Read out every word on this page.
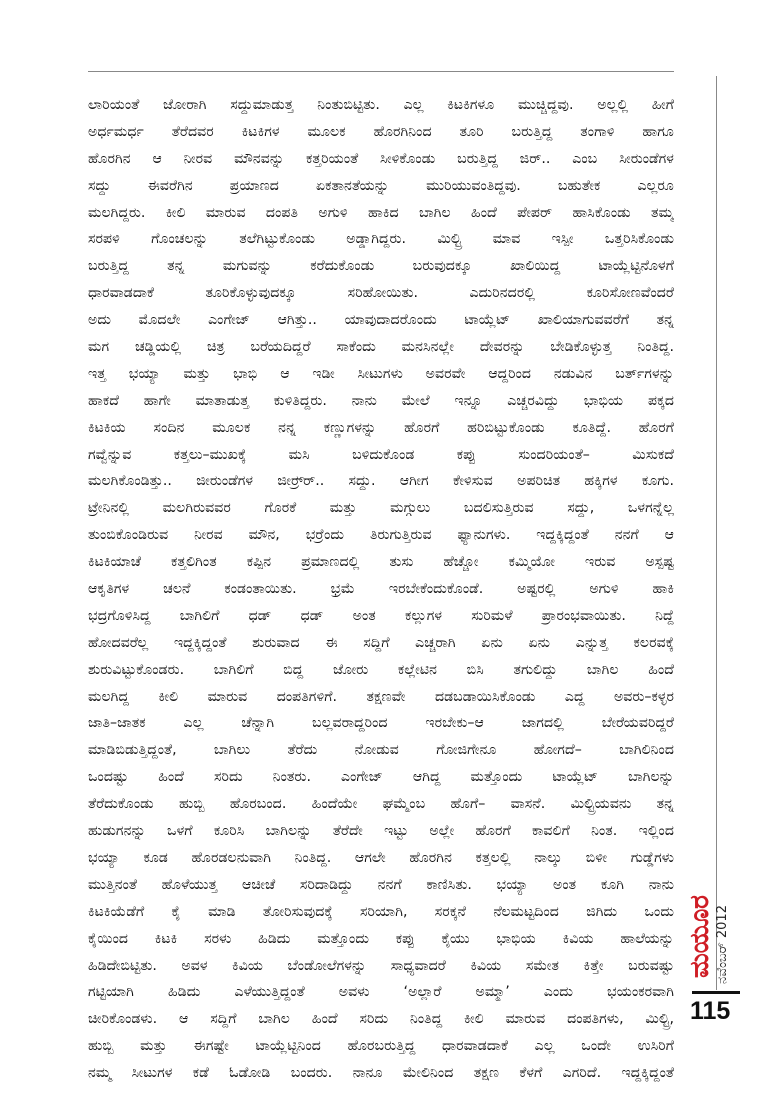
ಲಾರಿಯಂತೆ ಜೋರಾಗಿ ಸದ್ದುಮಾಡುತ್ತ ನಿಂತುಬಿಟ್ಟಿತು. ಎಲ್ಲ ಕಿಟಕಿಗಳೂ ಮುಚ್ಚಿದ್ದವು. ಅಲ್ಲಲ್ಲಿ ಹೀಗೆ
ಅರ್ಧಮರ್ಧ ತೆರೆದವರ ಕಿಟಕಿಗಳ ಮೂಲಕ ಹೊರಗಿನಿಂದ ತೂರಿ ಬರುತ್ತಿದ್ದ ತಂಗಾಳಿ ಹಾಗೂ
ಹೊರಗಿನ ಆ ನೀರವ ಮೌನವನ್ನು ಕತ್ತರಿಯಂತೆ ಸೀಳಿಕೊಂಡು ಬರುತ್ತಿದ್ದ ಜಿರ್‍.. ಎಂಬ ಸೀರುಂಡೆಗಳ
ಸದ್ದು ಈವರೆಗಿನ ಪ್ರಯಾಣದ ಏಕತಾನತೆಯನ್ನು ಮುರಿಯುವಂತಿದ್ದವು. ಬಹುತೇಕ ಎಲ್ಲರೂ
ಮಲಗಿದ್ದರು. ಕೀಲಿ ಮಾರುವ ದಂಪತಿ ಅಗುಳಿ ಹಾಕಿದ ಬಾಗಿಲ ಹಿಂದೆ ಪೇಪರ್ ಹಾಸಿಕೊಂಡು ತಮ್ಮ
ಸರಪಳಿ ಗೊಂಚಲನ್ನು ತಲೆಗಿಟ್ಟುಕೊಂಡು ಅಡ್ಡಾಗಿದ್ದರು. ಮಿಲ್ಟ್ರಿ ಮಾವ ಇಸ್ಪೀ ಒತ್ತರಿಸಿಕೊಂಡು
ಬರುತ್ತಿದ್ದ ತನ್ನ ಮಗುವನ್ನು ಕರೆದುಕೊಂಡು ಬರುವುದಕ್ಕೂ ಖಾಲಿಯಿದ್ದ ಟಾಯ್ಲೆಟ್ಟಿನೊಳಗೆ
ಧಾರವಾಡದಾಕೆ ತೂರಿಕೊಳ್ಳುವುದಕ್ಕೂ ಸರಿಹೋಯಿತು. ಎದುರಿನದರಲ್ಲಿ ಕೂರಿಸೋಣವೆಂದರೆ
ಅದು ಮೊದಲೇ ಎಂಗೇಜ್ ಆಗಿತ್ತು.. ಯಾವುದಾದರೊಂದು ಟಾಯ್ಲೆಟ್ ಖಾಲಿಯಾಗುವವರೆಗೆ ತನ್ನ
ಮಗ ಚಡ್ಡಿಯಲ್ಲಿ ಚಿತ್ರ ಬರೆಯದಿದ್ದರೆ ಸಾಕೆಂದು ಮನಸಿನಲ್ಲೇ ದೇವರನ್ನು ಬೇಡಿಕೊಳ್ಳುತ್ತ ನಿಂತಿದ್ದ.
ಇತ್ತ ಭಯ್ಯಾ ಮತ್ತು ಭಾಭಿ ಆ ಇಡೀ ಸೀಟುಗಳು ಅವರವೇ ಆದ್ದರಿಂದ ನಡುವಿನ ಬರ್ತ್‌ಗಳನ್ನು
ಹಾಕದೆ ಹಾಗೇ ಮಾತಾಡುತ್ತ ಕುಳಿತಿದ್ದರು. ನಾನು ಮೇಲೆ ಇನ್ನೂ ಎಚ್ಚರವಿದ್ದು ಭಾಭಿಯ ಪಕ್ಕದ
ಕಿಟಕಿಯ ಸಂದಿನ ಮೂಲಕ ನನ್ನ ಕಣ್ಣುಗಳನ್ನು ಹೊರಗೆ ಹರಿಬಿಟ್ಟುಕೊಂಡು ಕೂತಿದ್ದೆ. ಹೊರಗೆ
ಗವ್ವೆನ್ನುವ ಕತ್ತಲು–ಮುಖಕ್ಕೆ ಮಸಿ ಬಳಿದುಕೊಂಡ ಕಪ್ಪು ಸುಂದರಿಯಂತೆ– ಮಿಸುಕದೆ
ಮಲಗಿಕೊಂಡಿತ್ತು.. ಜೀರುಂಡೆಗಳ ಜೀರ್ರ್‍ರ್‍.. ಸದ್ದು. ಆಗೀಗ ಕೇಳಿಸುವ ಅಪರಿಚಿತ ಹಕ್ಕಿಗಳ ಕೂಗು.
ಟ್ರೇನಿನಲ್ಲಿ ಮಲಗಿರುವವರ ಗೊರಕೆ ಮತ್ತು ಮಗ್ಗುಲು ಬದಲಿಸುತ್ತಿರುವ ಸದ್ದು, ಒಳಗನ್ನೆಲ್ಲ
ತುಂಬಿಕೊಂಡಿರುವ ನೀರವ ಮೌನ, ಭರ್ರೆಂದು ತಿರುಗುತ್ತಿರುವ ಫ್ಯಾನುಗಳು. ಇದ್ದಕ್ಕಿದ್ದಂತೆ ನನಗೆ ಆ
ಕಿಟಕಿಯಾಚೆ ಕತ್ತಲಿಗಿಂತ ಕಪ್ಪಿನ ಪ್ರಮಾಣದಲ್ಲಿ ತುಸು ಹೆಚ್ಚೋ ಕಮ್ಮಿಯೋ ಇರುವ ಅಸ್ಪಷ್ಟ
ಆಕೃತಿಗಳ ಚಲನೆ ಕಂಡಂತಾಯಿತು. ಭ್ರಮೆ ಇರಬೇಕೆಂದುಕೊಂಡೆ. ಅಷ್ಟರಲ್ಲಿ ಅಗುಳಿ ಹಾಕಿ
ಭದ್ರಗೊಳಿಸಿದ್ದ ಬಾಗಿಲಿಗೆ ಧಡ್ ಧಡ್ ಅಂತ ಕಲ್ಲುಗಳ ಸುರಿಮಳೆ ಪ್ರಾರಂಭವಾಯಿತು. ನಿದ್ದೆ
ಹೋದವರೆಲ್ಲ ಇದ್ದಕ್ಕಿದ್ದಂತೆ ಶುರುವಾದ ಈ ಸದ್ದಿಗೆ ಎಚ್ಚರಾಗಿ ಏನು ಏನು ಎನ್ನುತ್ತ ಕಲರವಕ್ಕೆ
ಶುರುವಿಟ್ಟುಕೊಂಡರು. ಬಾಗಿಲಿಗೆ ಬಿದ್ದ ಜೋರು ಕಲ್ಲೇಟಿನ ಬಿಸಿ ತಗುಲಿದ್ದು ಬಾಗಿಲ ಹಿಂದೆ
ಮಲಗಿದ್ದ ಕೀಲಿ ಮಾರುವ ದಂಪತಿಗಳಿಗೆ. ತಕ್ಷಣವೇ ದಡಬಡಾಯಿಸಿಕೊಂಡು ಎದ್ದ ಅವರು–ಕಳ್ಳರ
ಜಾತಿ–ಜಾತಕ ಎಲ್ಲ ಚೆನ್ನಾಗಿ ಬಲ್ಲವರಾದ್ದರಿಂದ ಇರಬೇಕು–ಆ ಜಾಗದಲ್ಲಿ ಬೇರೆಯವರಿದ್ದರೆ
ಮಾಡಿಬಿಡುತ್ತಿದ್ದಂತೆ, ಬಾಗಿಲು ತೆರೆದು ನೋಡುವ ಗೋಜಿಗೇನೂ ಹೋಗದೆ– ಬಾಗಿಲಿನಿಂದ
ಒಂದಷ್ಟು ಹಿಂದೆ ಸರಿದು ನಿಂತರು. ಎಂಗೇಜ್ ಆಗಿದ್ದ ಮತ್ತೊಂದು ಟಾಯ್ಲೆಟ್ ಬಾಗಿಲನ್ನು
ತೆರೆದುಕೊಂಡು ಹುಬ್ಬಿ ಹೊರಬಂದ. ಹಿಂದೆಯೇ ಘಮ್ಮೆಂಬ ಹೊಗೆ– ವಾಸನೆ. ಮಿಲ್ಟ್ರಿಯವನು ತನ್ನ
ಹುಡುಗನನ್ನು ಒಳಗೆ ಕೂರಿಸಿ ಬಾಗಿಲನ್ನು ತೆರೆದೇ ಇಟ್ಟು ಅಲ್ಲೇ ಹೊರಗೆ ಕಾವಲಿಗೆ ನಿಂತ. ಇಲ್ಲಿಂದ
ಭಯ್ಯಾ ಕೂಡ ಹೊರಡಲನುವಾಗಿ ನಿಂತಿದ್ದ. ಆಗಲೇ ಹೊರಗಿನ ಕತ್ತಲಲ್ಲಿ ನಾಲ್ಕು ಬಿಳೀ ಗುಡ್ಡೆಗಳು
ಮುತ್ತಿನಂತೆ ಹೊಳೆಯುತ್ತ ಆಚೀಚೆ ಸರಿದಾಡಿದ್ದು ನನಗೆ ಕಾಣಿಸಿತು. ಭಯ್ಯಾ ಅಂತ ಕೂಗಿ ನಾನು
ಕಿಟಕಿಯೆಡೆಗೆ ಕೈ ಮಾಡಿ ತೋರಿಸುವುದಕ್ಕೆ ಸರಿಯಾಗಿ, ಸರಕ್ಕನೆ ನೆಲಮಟ್ಟದಿಂದ ಜಿಗಿದು ಒಂದು
ಕೈಯಿಂದ ಕಿಟಕಿ ಸರಳು ಹಿಡಿದು ಮತ್ತೊಂದು ಕಪ್ಪು ಕೈಯು ಭಾಭಿಯ ಕಿವಿಯ ಹಾಲೆಯನ್ನು
ಹಿಡಿದೇಬಿಟ್ಟಿತು. ಅವಳ ಕಿವಿಯ ಬೆಂಡೋಲೆಗಳನ್ನು ಸಾಧ್ಯವಾದರೆ ಕಿವಿಯ ಸಮೇತ ಕಿತ್ತೇ ಬರುವಷ್ಟು
ಗಟ್ಟಿಯಾಗಿ ಹಿಡಿದು ಎಳೆಯುತ್ತಿದ್ದಂತೆ ಅವಳು ‘ಅಲ್ಲಾರೆ ಅಮ್ಮಾ’ ಎಂದು ಭಯಂಕರವಾಗಿ
ಚೀರಿಕೊಂಡಳು. ಆ ಸದ್ದಿಗೆ ಬಾಗಿಲ ಹಿಂದೆ ಸರಿದು ನಿಂತಿದ್ದ ಕೀಲಿ ಮಾರುವ ದಂಪತಿಗಳು, ಮಿಲ್ಟ್ರಿ,
ಹುಬ್ಬಿ ಮತ್ತು ಈಗಷ್ಟೇ ಟಾಯ್ಲೆಟ್ಟಿನಿಂದ ಹೊರಬರುತ್ತಿದ್ದ ಧಾರವಾಡದಾಕೆ ಎಲ್ಲ ಒಂದೇ ಉಸಿರಿಗೆ
ನಮ್ಮ ಸೀಟುಗಳ ಕಡೆ ಓಡೋಡಿ ಬಂದರು. ನಾನೂ ಮೇಲಿನಿಂದ ತಕ್ಷಣ ಕೆಳಗೆ ಎಗರಿದೆ. ಇದ್ದಕ್ಕಿದ್ದಂತೆ
ಮಯೂರ ನವೆಂಬರ್ 2012
115
